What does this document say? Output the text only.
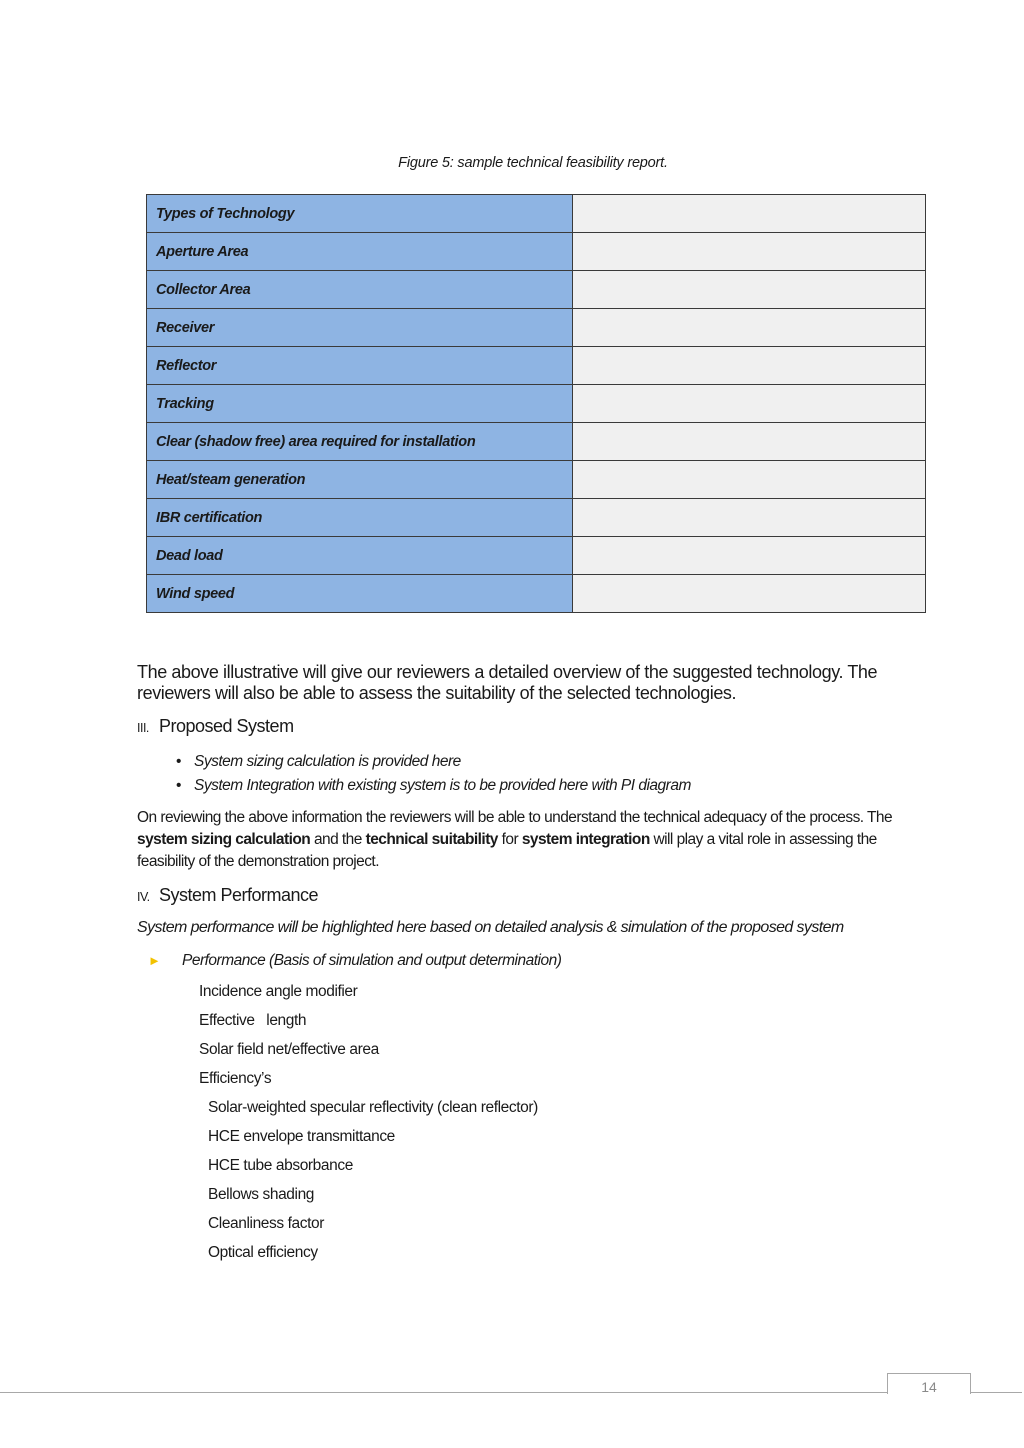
Figure 5: sample technical feasibility report.
Types of Technology	
Aperture Area	
Collector Area	
Receiver	
Reflector	
Tracking	
Clear (shadow free) area required for installation	
Heat/steam generation	
IBR certification	
Dead load	
Wind speed	
The above illustrative will give our reviewers a detailed overview of the suggested technology. The reviewers will also be able to assess the suitability of the selected technologies.
III. Proposed System
• System sizing calculation is provided here
• System Integration with existing system is to be provided here with PI diagram
On reviewing the above information the reviewers will be able to understand the technical adequacy of the process. The system sizing calculation and the technical suitability for system integration will play a vital role in assessing the feasibility of the demonstration project.
IV. System Performance
System performance will be highlighted here based on detailed analysis & simulation of the proposed system
► Performance (Basis of simulation and output determination)
Incidence angle modifier
Effective   length
Solar field net/effective area
Efficiency’s
Solar-weighted specular reflectivity (clean reflector)
HCE envelope transmittance
HCE tube absorbance
Bellows shading
Cleanliness factor
Optical efficiency
14
